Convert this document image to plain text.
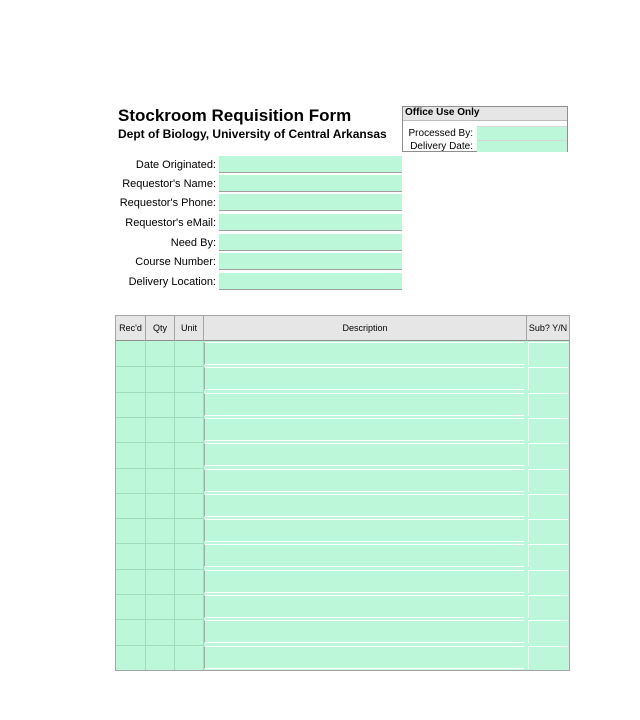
Stockroom Requisition Form
Dept of Biology, University of Central Arkansas
Office Use Only
Processed By:
Delivery Date:
Date Originated:
Requestor's Name:
Requestor's Phone:
Requestor's eMail:
Need By:
Course Number:
Delivery Location:
Rec'd	Qty	Unit	Description	Sub? Y/N
